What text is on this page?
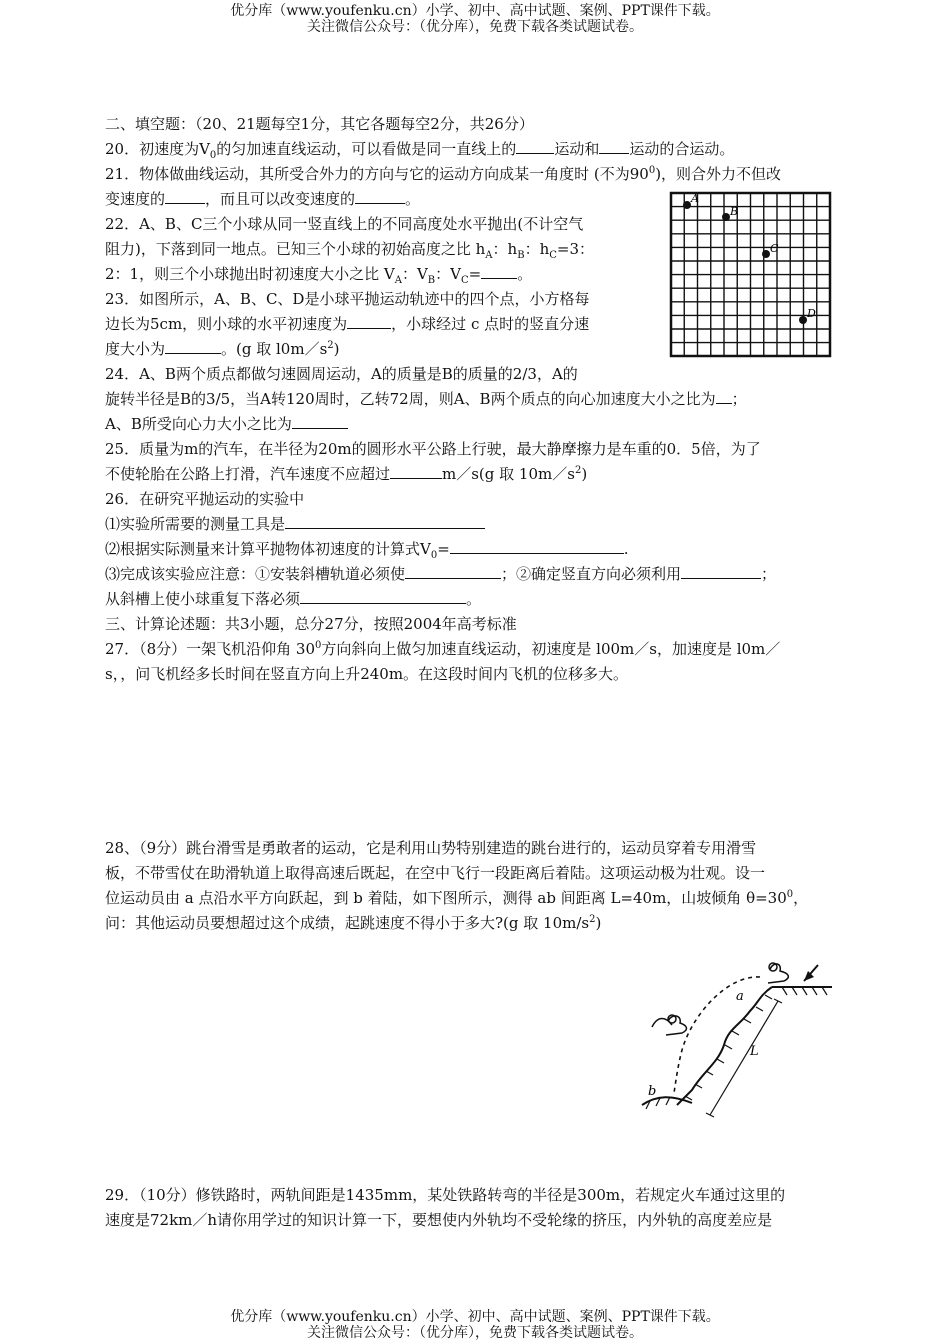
优分库（www.youfenku.cn）小学、初中、高中试题、案例、PPT课件下载。
关注微信公众号：（优分库），免费下载各类试题试卷。
二、填空题：（20、21题每空1分，其它各题每空2分，共26分）
20．初速度为$V_0$的匀加速直线运动，可以看做是同一直线上的	运动和 运动的合运动。
21．物体做曲线运动，其所受合外力的方向与它的运动方向成某一角度时 (不为$90^0$)，则合外力不但改
变速度的	，而且可以改变速度的	。
22．A、B、C三个小球从同一竖直线上的不同高度处水平抛出(不计空气
阻力)，下落到同一地点。已知三个小球的初始高度之比 $h_A$：$h_B$：$h_C=3$：
2：1，则三个小球抛出时初速度大小之比 $V_A$：$V_B$：$V_C=$ 。
23．如图所示，A、B、C、D是小球平抛运动轨迹中的四个点，小方格每
边长为5cm，则小球的水平初速度为	，小球经过 c 点时的竖直分速
度大小为	。(g 取 $l0m/s^2$)
A
B
C
D
24．A、B两个质点都做匀速圆周运动，A的质量是B的质量的2/3，A的
旋转半径是B的3/5，当A转120周时，乙转72周，则A、B两个质点的向心加速度大小之比为 ；
A、B所受向心力大小之比为
25．质量为m的汽车，在半径为20m的圆形水平公路上行驶，最大静摩擦力是车重的0．5倍，为了
不使轮胎在公路上打滑，汽车速度不应超过	m／s(g 取 $10m/s^2$)
26．在研究平抛运动的实验中
⑴实验所需要的测量工具是
⑵根据实际测量来计算平抛物体初速度的计算式$V_0=$	.
⑶完成该实验应注意：①安装斜槽轨道必须使	；②确定竖直方向必须利用	；
从斜槽上使小球重复下落必须	。
三、计算论述题：共3小题，总分27分，按照2004年高考标准
27．（8分）一架飞机沿仰角 $30^0$方向斜向上做匀加速直线运动，初速度是 l00m／s，加速度是 l0m／
s，，问飞机经多长时间在竖直方向上升240m。在这段时间内飞机的位移多大。
28、（9分）跳台滑雪是勇敢者的运动，它是利用山势特别建造的跳台进行的，运动员穿着专用滑雪
板，不带雪仗在助滑轨道上取得高速后既起，在空中飞行一段距离后着陆。这项运动极为壮观。设一
位运动员由 a 点沿水平方向跃起，到 b 着陆，如下图所示，测得 ab 间距离 L=40m，山坡倾角 $\theta=30^0$，
问：其他运动员要想超过这个成绩，起跳速度不得小于多大?(g 取 $10m/s^2$)
a
b
L
29．（10分）修铁路时，两轨间距是1435mm，某处铁路转弯的半径是300m，若规定火车通过这里的
速度是72km／h请你用学过的知识计算一下，要想使内外轨均不受轮缘的挤压，内外轨的高度差应是
优分库（www.youfenku.cn）小学、初中、高中试题、案例、PPT课件下载。
关注微信公众号：（优分库），免费下载各类试题试卷。
